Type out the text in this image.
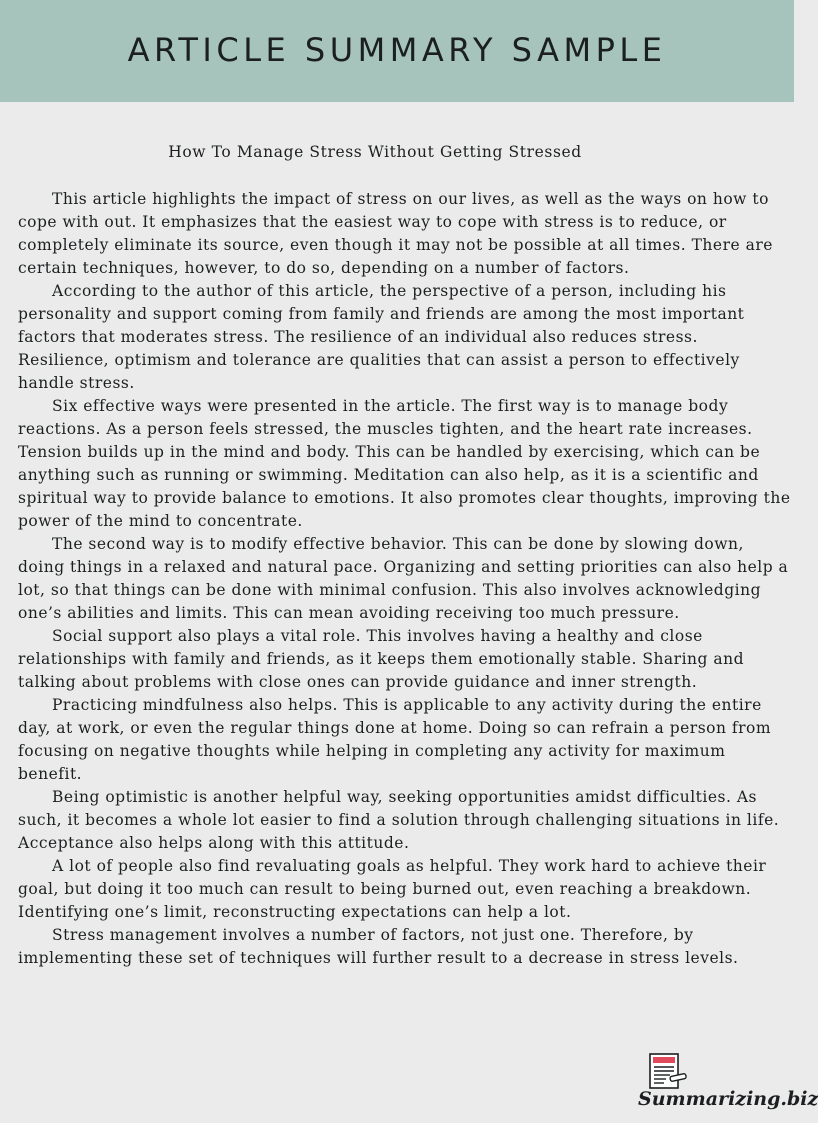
ARTICLE SUMMARY SAMPLE
How To Manage Stress Without Getting Stressed

This article highlights the impact of stress on our lives, as well as the ways on how to cope with out. It emphasizes that the easiest way to cope with stress is to reduce, or completely eliminate its source, even though it may not be possible at all times. There are certain techniques, however, to do so, depending on a number of factors.

According to the author of this article, the perspective of a person, including his personality and support coming from family and friends are among the most important factors that moderates stress. The resilience of an individual also reduces stress. Resilience, optimism and tolerance are qualities that can assist a person to effectively handle stress.

Six effective ways were presented in the article. The first way is to manage body reactions. As a person feels stressed, the muscles tighten, and the heart rate increases. Tension builds up in the mind and body. This can be handled by exercising, which can be anything such as running or swimming. Meditation can also help, as it is a scientific and spiritual way to provide balance to emotions. It also promotes clear thoughts, improving the power of the mind to concentrate.

The second way is to modify effective behavior. This can be done by slowing down, doing things in a relaxed and natural pace. Organizing and setting priorities can also help a lot, so that things can be done with minimal confusion. This also involves acknowledging one’s abilities and limits. This can mean avoiding receiving too much pressure.

Social support also plays a vital role. This involves having a healthy and close relationships with family and friends, as it keeps them emotionally stable. Sharing and talking about problems with close ones can provide guidance and inner strength.

Practicing mindfulness also helps. This is applicable to any activity during the entire day, at work, or even the regular things done at home. Doing so can refrain a person from focusing on negative thoughts while helping in completing any activity for maximum benefit.

Being optimistic is another helpful way, seeking opportunities amidst difficulties. As such, it becomes a whole lot easier to find a solution through challenging situations in life. Acceptance also helps along with this attitude.

A lot of people also find revaluating goals as helpful. They work hard to achieve their goal, but doing it too much can result to being burned out, even reaching a breakdown. Identifying one’s limit, reconstructing expectations can help a lot.

Stress management involves a number of factors, not just one. Therefore, by implementing these set of techniques will further result to a decrease in stress levels.

Summarizing.biz
